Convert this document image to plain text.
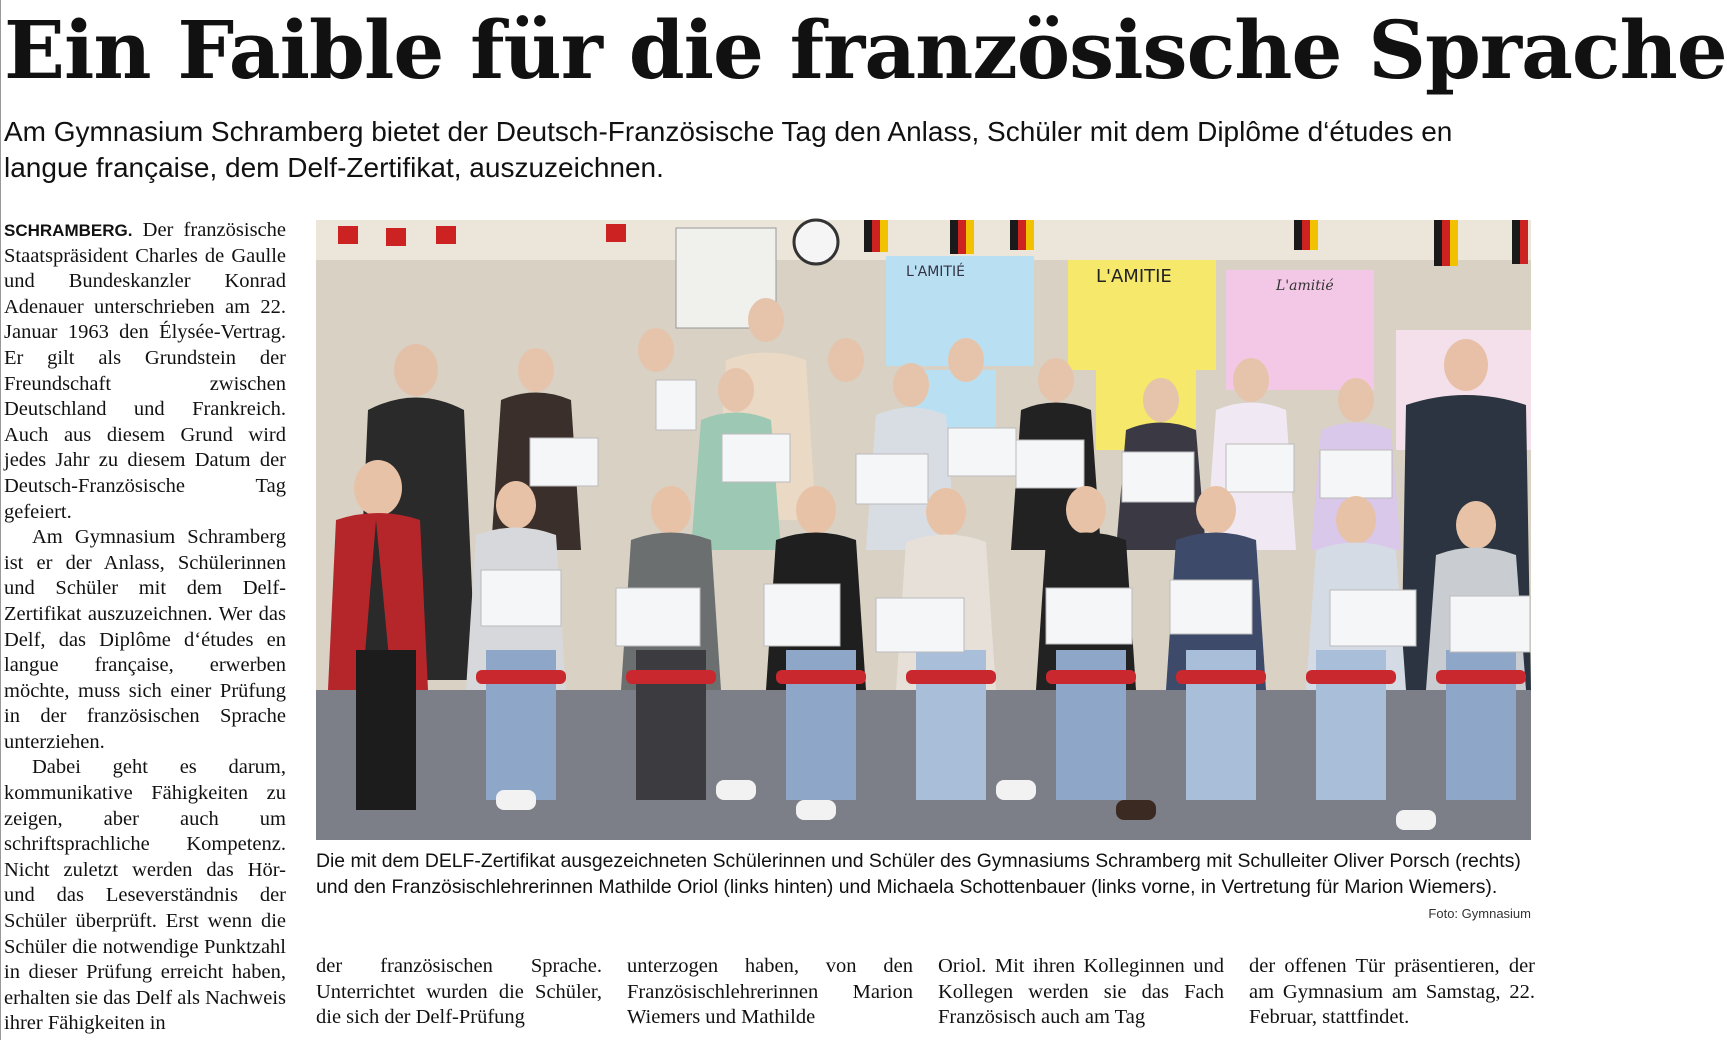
Ein Faible für die französische Sprache

Am Gymnasium Schramberg bietet der Deutsch-Französische Tag den Anlass, Schüler mit dem Diplôme d‘études en langue française, dem Delf-Zertifikat, auszuzeichnen.

SCHRAMBERG. Der französische Staatspräsident Charles de Gaulle und Bundeskanzler Konrad Adenauer unterschrieben am 22. Januar 1963 den Élysée-Vertrag. Er gilt als Grundstein der Freundschaft zwischen Deutschland und Frankreich. Auch aus diesem Grund wird jedes Jahr zu diesem Datum der Deutsch-Französische Tag gefeiert.

Am Gymnasium Schramberg ist er der Anlass, Schülerinnen und Schüler mit dem Delf-Zertifikat auszuzeichnen. Wer das Delf, das Diplôme d‘études en langue française, erwerben möchte, muss sich einer Prüfung in der französischen Sprache unterziehen.

Dabei geht es darum, kommunikative Fähigkeiten zu zeigen, aber auch um schriftsprachliche Kompetenz. Nicht zuletzt werden das Hör- und das Leseverständnis der Schüler überprüft. Erst wenn die Schüler die notwendige Punktzahl in dieser Prüfung erreicht haben, erhalten sie das Delf als Nachweis ihrer Fähigkeiten in

L'AMITIÉ	L'AMITIE	L'amitié

Die mit dem DELF-Zertifikat ausgezeichneten Schülerinnen und Schüler des Gymnasiums Schramberg mit Schulleiter Oliver Porsch (rechts) und den Französischlehrerinnen Mathilde Oriol (links hinten) und Michaela Schottenbauer (links vorne, in Vertretung für Marion Wiemers).

Foto: Gymnasium

der französischen Sprache. Unterrichtet wurden die Schüler, die sich der Delf-Prüfung

unterzogen haben, von den Französischlehrerinnen Marion Wiemers und Mathilde

Oriol. Mit ihren Kolleginnen und Kollegen werden sie das Fach Französisch auch am Tag

der offenen Tür präsentieren, der am Gymnasium am Samstag, 22. Februar, stattfindet.
